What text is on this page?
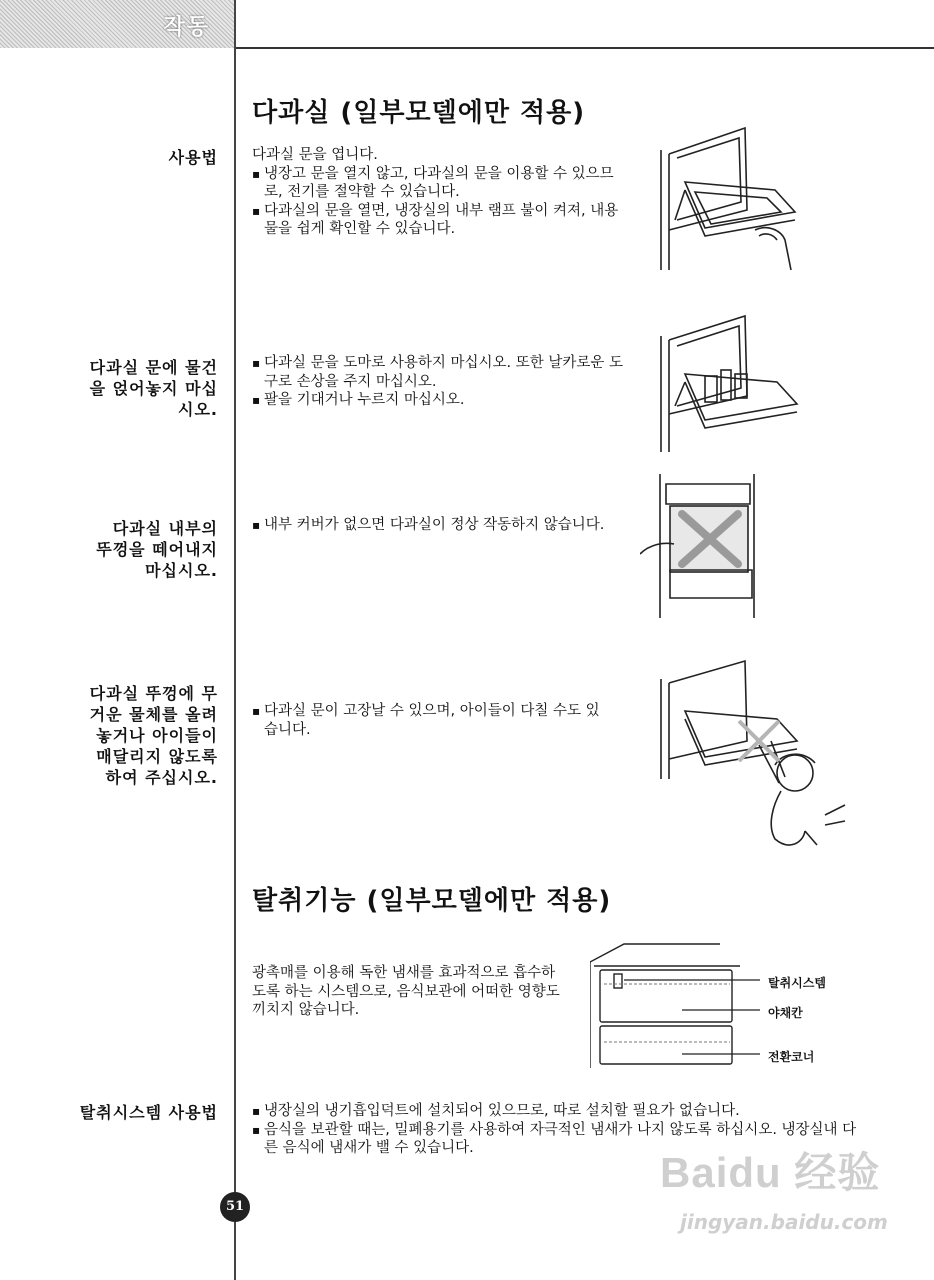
작동
다과실 (일부모델에만 적용)
사용법 다과실 문을 엽니다.
▪ 냉장고 문을 열지 않고, 다과실의 문을 이용할 수 있으므로, 전기를 절약할 수 있습니다.
▪ 다과실의 문을 열면, 냉장실의 내부 램프 불이 켜져, 내용물을 쉽게 확인할 수 있습니다.
다과실 문에 물건
을 얹어놓지 마십
시오.
▪ 다과실 문을 도마로 사용하지 마십시오. 또한 날카로운 도구로 손상을 주지 마십시오.
▪ 팔을 기대거나 누르지 마십시오.
다과실 내부의
뚜껑을 떼어내지
마십시오.
▪ 내부 커버가 없으면 다과실이 정상 작동하지 않습니다.
다과실 뚜껑에 무
거운 물체를 올려
놓거나 아이들이
매달리지 않도록
하여 주십시오.
▪ 다과실 문이 고장날 수 있으며, 아이들이 다칠 수도 있습니다.
탈취기능 (일부모델에만 적용)
광촉매를 이용해 독한 냄새를 효과적으로 흡수하도록 하는 시스템으로, 음식보관에 어떠한 영향도 끼치지 않습니다.
탈취시스템 사용법
▪	냉장실의 냉기흡입덕트에 설치되어 있으므로, 따로 설치할 필요가 없습니다.
▪ 음식을 보관할 때는, 밀폐용기를 사용하여 자극적인 냄새가 나지 않도록 하십시오. 냉장실내 다른 음식에 냄새가 밸 수 있습니다.
탈취시스템
야채칸
전환코너
51
Baidu 经验
jingyan.baidu.com
